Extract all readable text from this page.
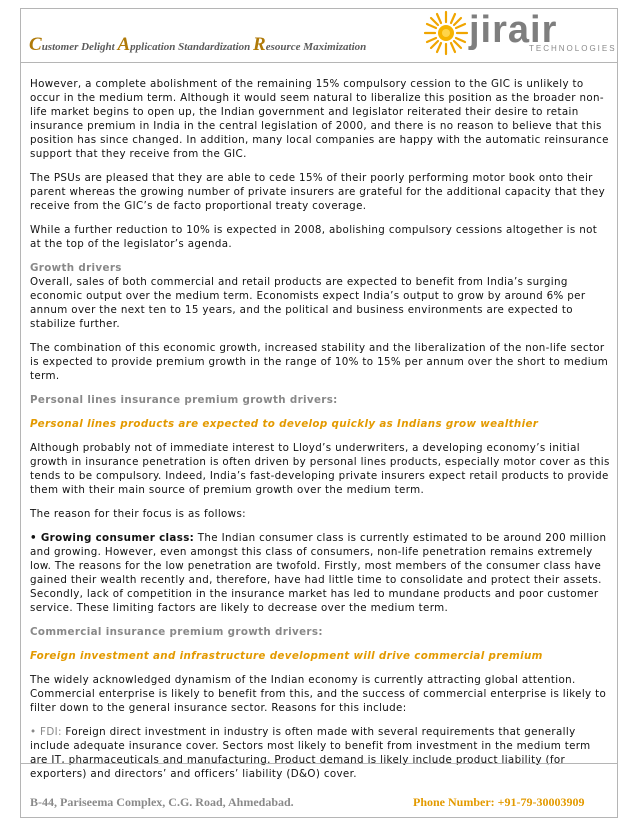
Customer Delight Application Standardization Resource Maximization	jirair
TECHNOLOGIES

However, a complete abolishment of the remaining 15% compulsory cession to the GIC is unlikely to occur in the medium term. Although it would seem natural to liberalize this position as the broader non-life market begins to open up, the Indian government and legislator reiterated their desire to retain insurance premium in India in the central legislation of 2000, and there is no reason to believe that this position has since changed. In addition, many local companies are happy with the automatic reinsurance support that they receive from the GIC.

The PSUs are pleased that they are able to cede 15% of their poorly performing motor book onto their parent whereas the growing number of private insurers are grateful for the additional capacity that they receive from the GIC’s de facto proportional treaty coverage.

While a further reduction to 10% is expected in 2008, abolishing compulsory cessions altogether is not at the top of the legislator’s agenda.

Growth drivers
Overall, sales of both commercial and retail products are expected to benefit from India’s surging economic output over the medium term. Economists expect India’s output to grow by around 6% per annum over the next ten to 15 years, and the political and business environments are expected to stabilize further.

The combination of this economic growth, increased stability and the liberalization of the non-life sector is expected to provide premium growth in the range of 10% to 15% per annum over the short to medium term.

Personal lines insurance premium growth drivers:

Personal lines products are expected to develop quickly as Indians grow wealthier

Although probably not of immediate interest to Lloyd’s underwriters, a developing economy’s initial growth in insurance penetration is often driven by personal lines products, especially motor cover as this tends to be compulsory. Indeed, India’s fast-developing private insurers expect retail products to provide them with their main source of premium growth over the medium term.

The reason for their focus is as follows:

• Growing consumer class: The Indian consumer class is currently estimated to be around 200 million and growing. However, even amongst this class of consumers, non-life penetration remains extremely low. The reasons for the low penetration are twofold. Firstly, most members of the consumer class have gained their wealth recently and, therefore, have had little time to consolidate and protect their assets. Secondly, lack of competition in the insurance market has led to mundane products and poor customer service. These limiting factors are likely to decrease over the medium term.

Commercial insurance premium growth drivers:

Foreign investment and infrastructure development will drive commercial premium

The widely acknowledged dynamism of the Indian economy is currently attracting global attention. Commercial enterprise is likely to benefit from this, and the success of commercial enterprise is likely to filter down to the general insurance sector. Reasons for this include:

• FDI: Foreign direct investment in industry is often made with several requirements that generally include adequate insurance cover. Sectors most likely to benefit from investment in the medium term are IT, pharmaceuticals and manufacturing. Product demand is likely include product liability (for exporters) and directors’ and officers’ liability (D&O) cover.

B-44, Pariseema Complex, C.G. Road, Ahmedabad.	Phone Number: +91-79-30003909
